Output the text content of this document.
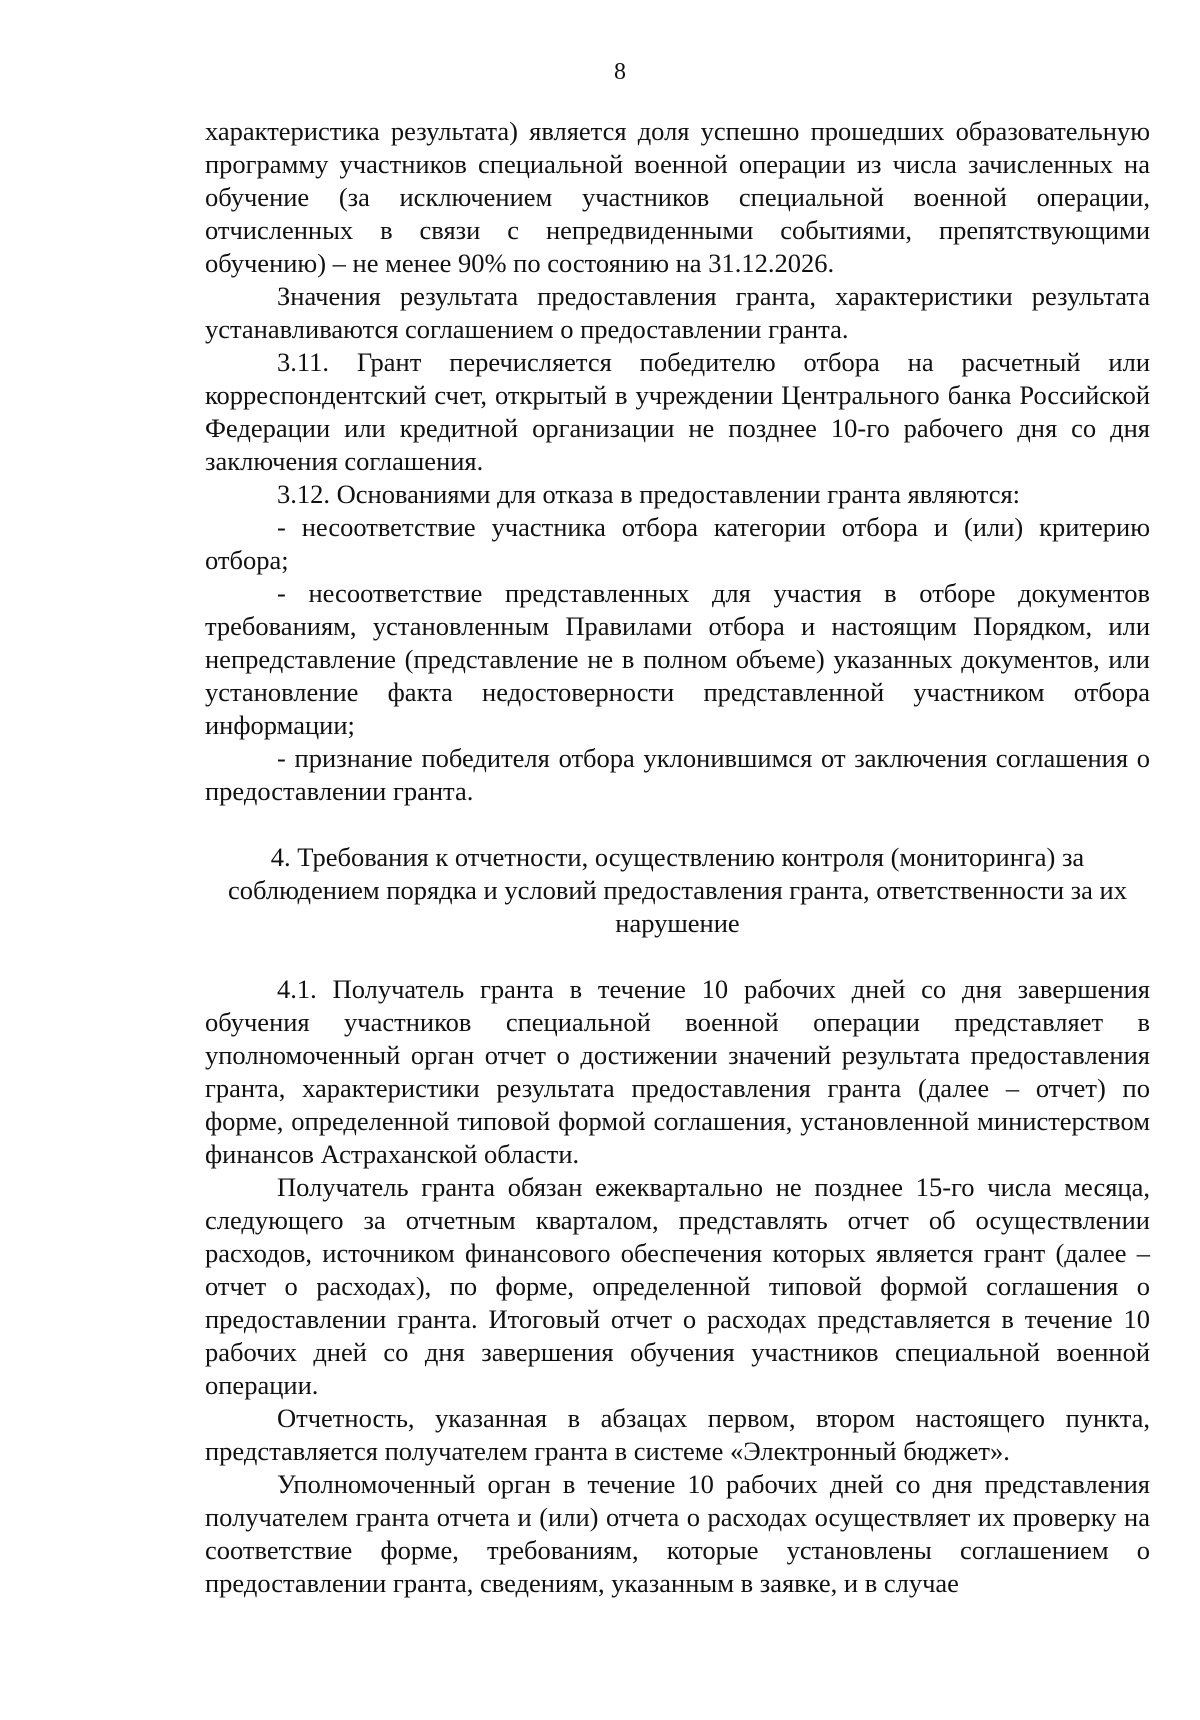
8

характеристика результата) является доля успешно прошедших образовательную программу участников специальной военной операции из числа зачисленных на обучение (за исключением участников специальной военной операции, отчисленных в связи с непредвиденными событиями, препятствующими обучению) – не менее 90% по состоянию на 31.12.2026.

Значения результата предоставления гранта, характеристики результата устанавливаются соглашением о предоставлении гранта.

3.11. Грант перечисляется победителю отбора на расчетный или корреспондентский счет, открытый в учреждении Центрального банка Российской Федерации или кредитной организации не позднее 10-го рабочего дня со дня заключения соглашения.

3.12. Основаниями для отказа в предоставлении гранта являются:

- несоответствие участника отбора категории отбора и (или) критерию отбора;

- несоответствие представленных для участия в отборе документов требованиям, установленным Правилами отбора и настоящим Порядком, или непредставление (представление не в полном объеме) указанных документов, или установление факта недостоверности представленной участником отбора информации;

- признание победителя отбора уклонившимся от заключения соглашения о предоставлении гранта.

4. Требования к отчетности, осуществлению контроля (мониторинга) за соблюдением порядка и условий предоставления гранта, ответственности за их нарушение

4.1. Получатель гранта в течение 10 рабочих дней со дня завершения обучения участников специальной военной операции представляет в уполномоченный орган отчет о достижении значений результата предоставления гранта, характеристики результата предоставления гранта (далее – отчет) по форме, определенной типовой формой соглашения, установленной министерством финансов Астраханской области.

Получатель гранта обязан ежеквартально не позднее 15-го числа месяца, следующего за отчетным кварталом, представлять отчет об осуществлении расходов, источником финансового обеспечения которых является грант (далее – отчет о расходах), по форме, определенной типовой формой соглашения о предоставлении гранта. Итоговый отчет о расходах представляется в течение 10 рабочих дней со дня завершения обучения участников специальной военной операции.

Отчетность, указанная в абзацах первом, втором настоящего пункта, представляется получателем гранта в системе «Электронный бюджет».

Уполномоченный орган в течение 10 рабочих дней со дня представления получателем гранта отчета и (или) отчета о расходах осуществляет их проверку на соответствие форме, требованиям, которые установлены соглашением о предоставлении гранта, сведениям, указанным в заявке, и в случае
